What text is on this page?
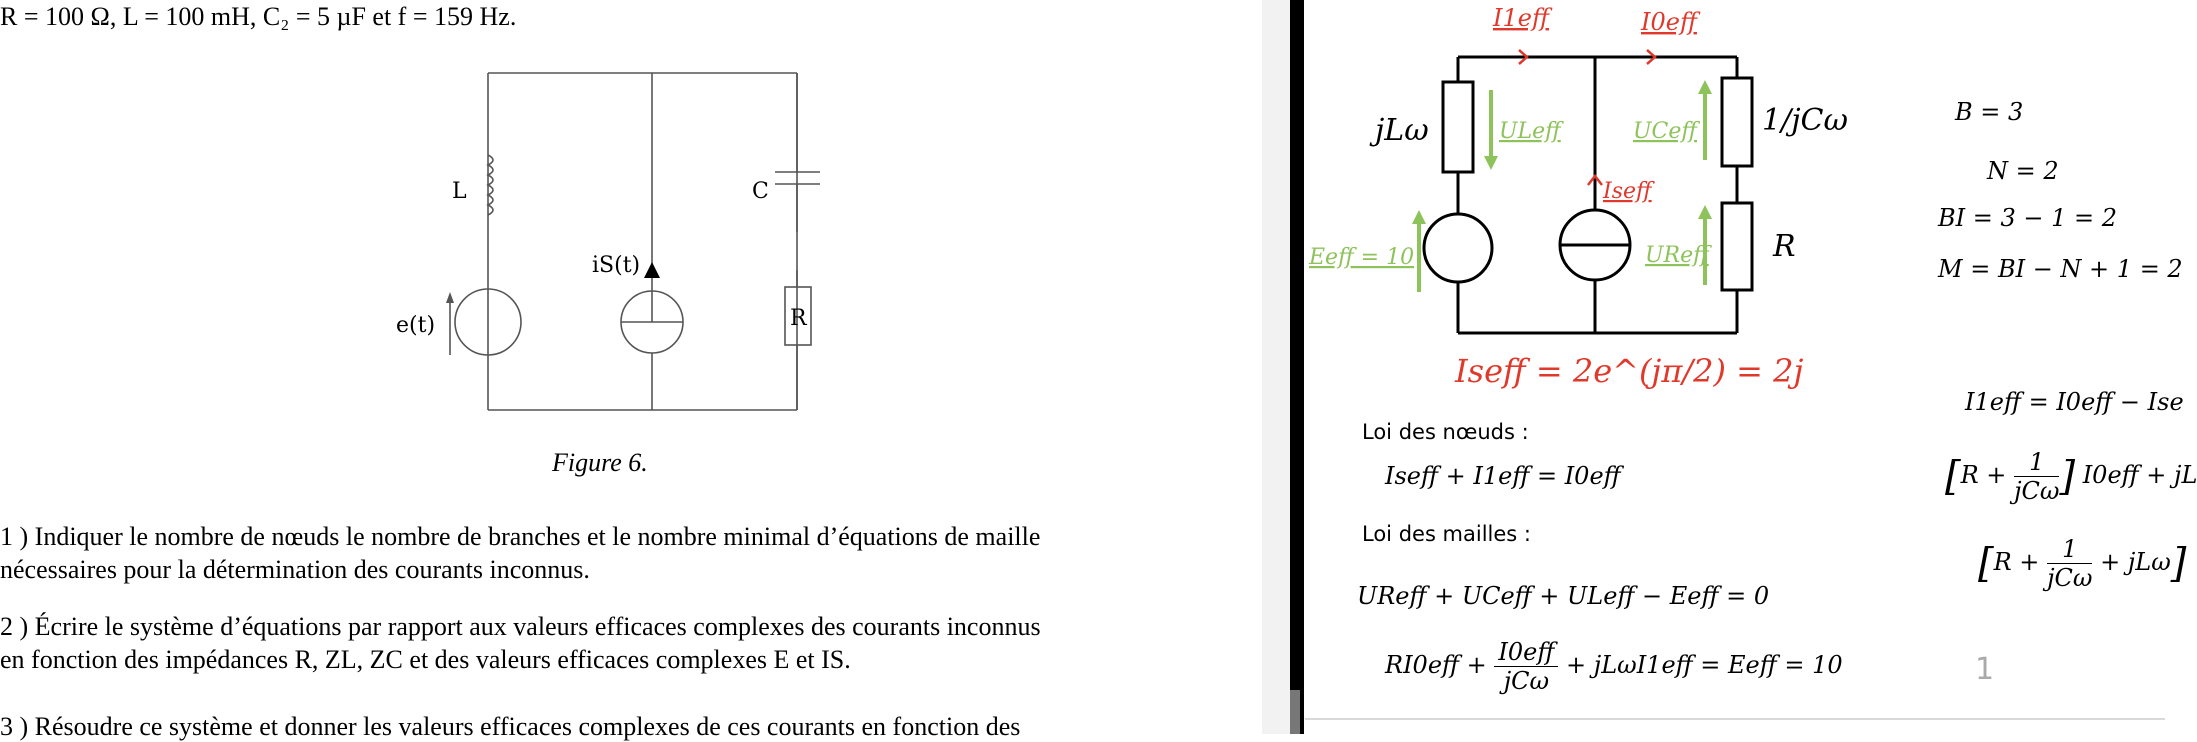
R = 100 Ω, L = 100 mH, C₂ = 5 µF et f = 159 Hz.
L	C
R
e(t)
iS(t)
Figure 6.
1 ) Indiquer le nombre de nœuds le nombre de branches et le nombre minimal d’équations de maille
nécessaires pour la détermination des courants inconnus.
2 ) Écrire le système d’équations par rapport aux valeurs efficaces complexes des courants inconnus
en fonction des impédances R, ZL, ZC et des valeurs efficaces complexes E et IS.
3 ) Résoudre ce système et donner les valeurs efficaces complexes de ces courants en fonction des
I1eff	I0eff
jLω	ULeff	UCeff 1/jCω
Iseff
Eeff = 10	UReff R
Iseff = 2e^(jπ/2) = 2j
B = 3
N = 2
BI = 3 − 1 = 2
M = BI − N + 1 = 2
Loi des nœuds :
Iseff + I1eff = I0eff
Loi des mailles :
UReff + UCeff + ULeff − Eeff = 0
$RI0eff + \frac{\text{I0eff}}{\text{jCω}} + jL\omega I1eff$ = Eeff = 10
I1eff = I0eff − Ise
[$R + \frac{1}{\text{jCω}}$ ] I0eff + jL
$[R + \frac{1}{\text{jCω}} + jL\omega]$
1
